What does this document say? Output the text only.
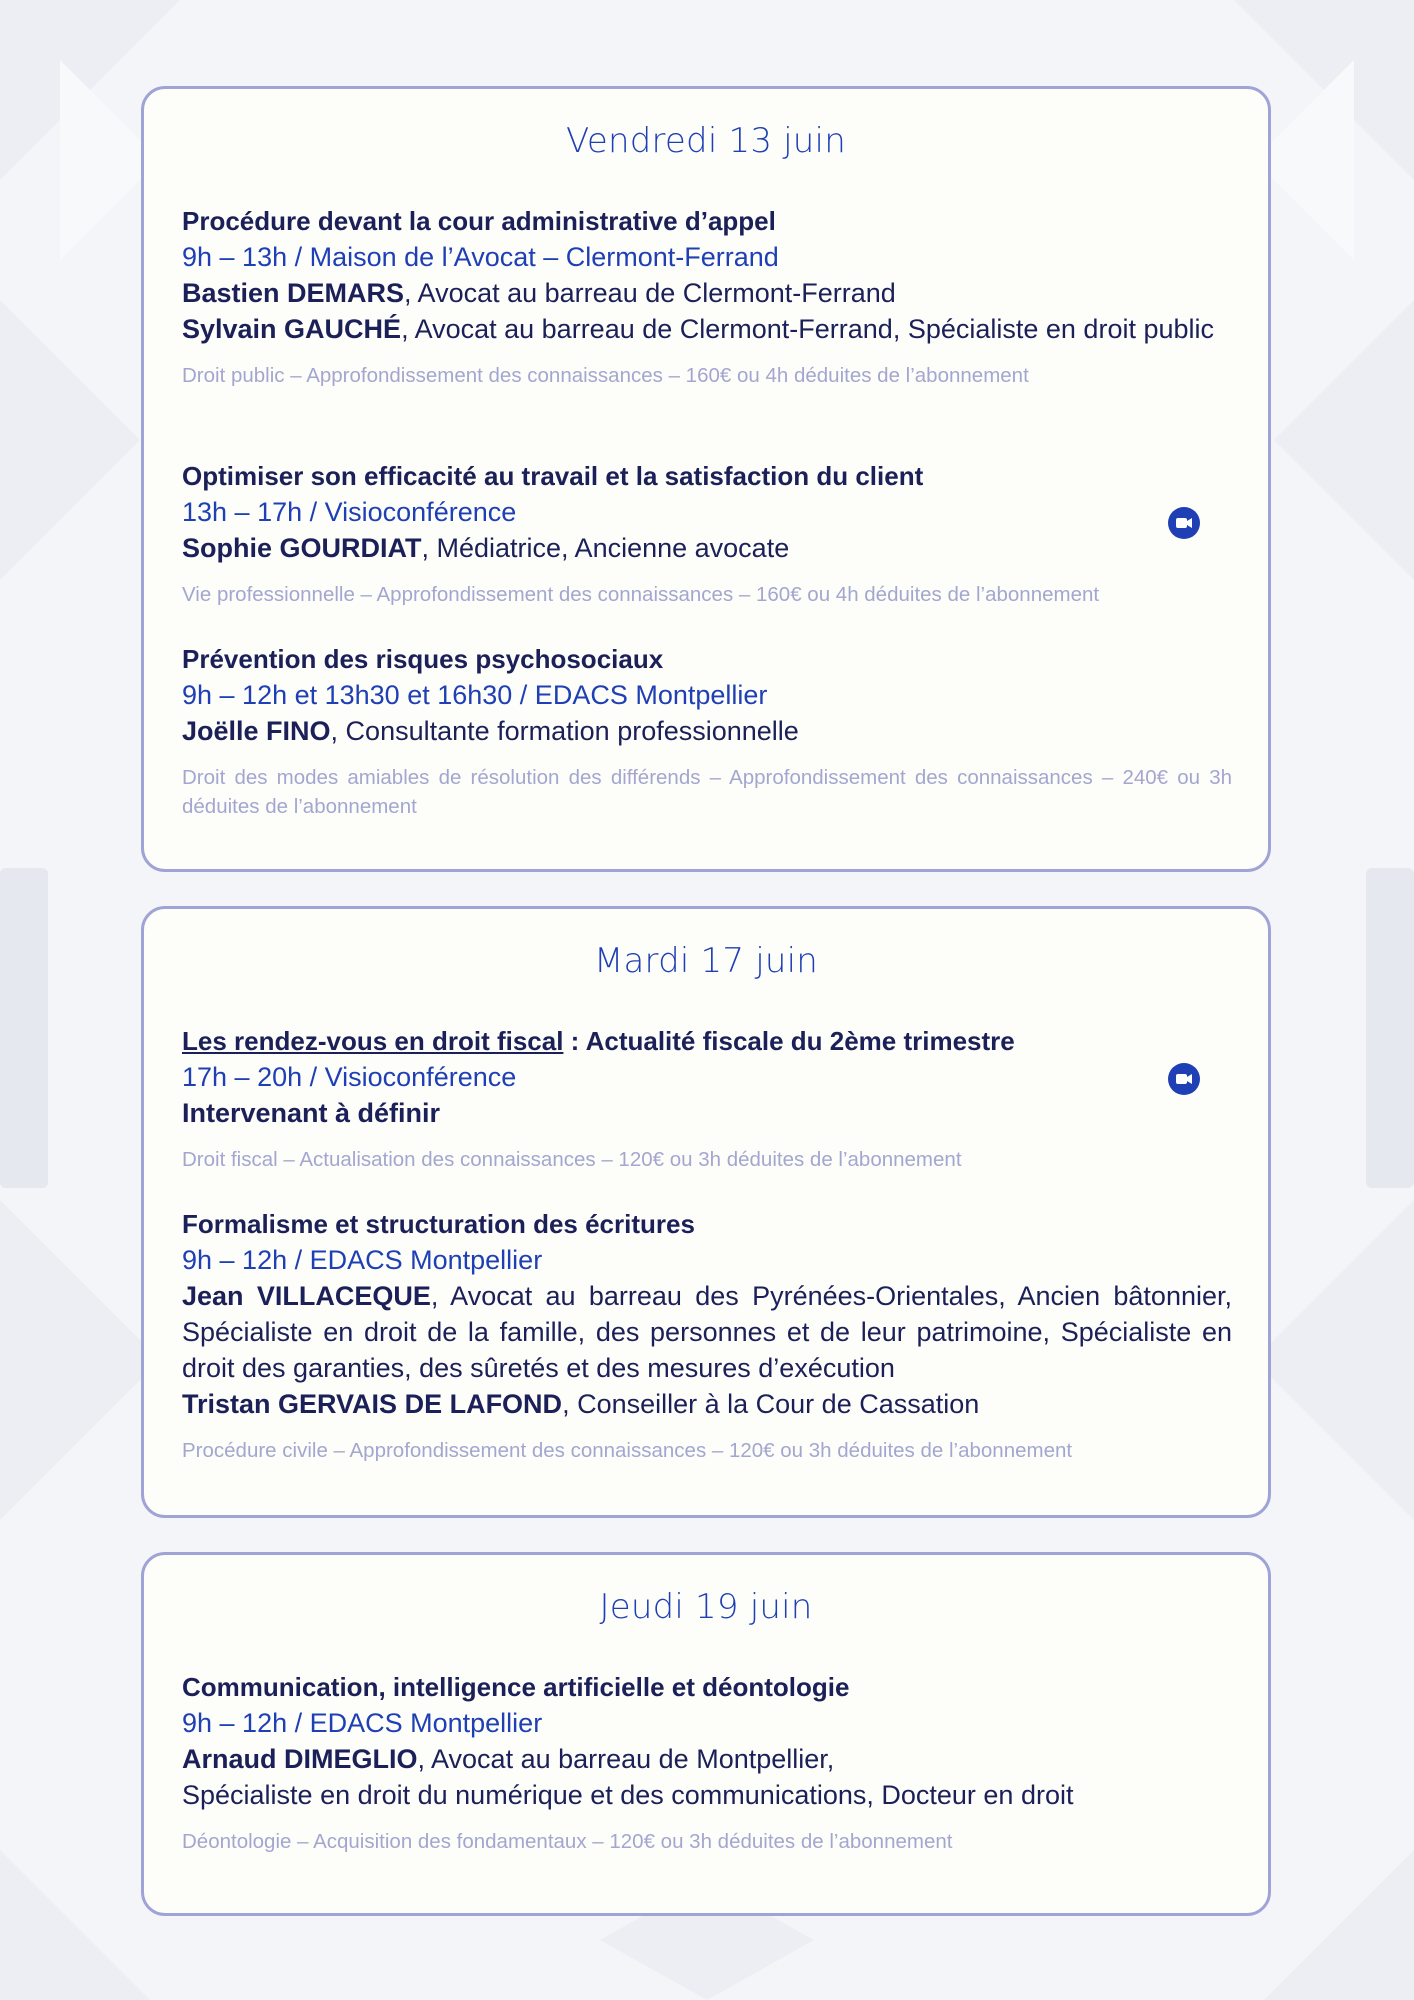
Vendredi 13 juin

Procédure devant la cour administrative d’appel

9h – 13h / Maison de l’Avocat – Clermont-Ferrand

Bastien DEMARS, Avocat au barreau de Clermont-Ferrand

Sylvain GAUCHÉ, Avocat au barreau de Clermont-Ferrand, Spécialiste en droit public

Droit public – Approfondissement des connaissances – 160€ ou 4h déduites de l’abonnement

Optimiser son efficacité au travail et la satisfaction du client

13h – 17h / Visioconférence

Sophie GOURDIAT, Médiatrice, Ancienne avocate

Vie professionnelle – Approfondissement des connaissances – 160€ ou 4h déduites de l’abonnement

Prévention des risques psychosociaux

9h – 12h et 13h30 et 16h30 / EDACS Montpellier

Joëlle FINO, Consultante formation professionnelle

Droit des modes amiables de résolution des différends – Approfondissement des connaissances – 240€ ou 3h déduites de l’abonnement

Mardi 17 juin

Les rendez-vous en droit fiscal : Actualité fiscale du 2ème trimestre

17h – 20h / Visioconférence

Intervenant à définir

Droit fiscal – Actualisation des connaissances – 120€ ou 3h déduites de l’abonnement

Formalisme et structuration des écritures

9h – 12h / EDACS Montpellier

Jean VILLACEQUE, Avocat au barreau des Pyrénées-Orientales, Ancien bâtonnier, Spécialiste en droit de la famille, des personnes et de leur patrimoine, Spécialiste en droit des garanties, des sûretés et des mesures d’exécution

Tristan GERVAIS DE LAFOND, Conseiller à la Cour de Cassation

Procédure civile – Approfondissement des connaissances – 120€ ou 3h déduites de l’abonnement

Jeudi 19 juin

Communication, intelligence artificielle et déontologie

9h – 12h / EDACS Montpellier

Arnaud DIMEGLIO, Avocat au barreau de Montpellier,

Spécialiste en droit du numérique et des communications, Docteur en droit

Déontologie – Acquisition des fondamentaux – 120€ ou 3h déduites de l’abonnement
